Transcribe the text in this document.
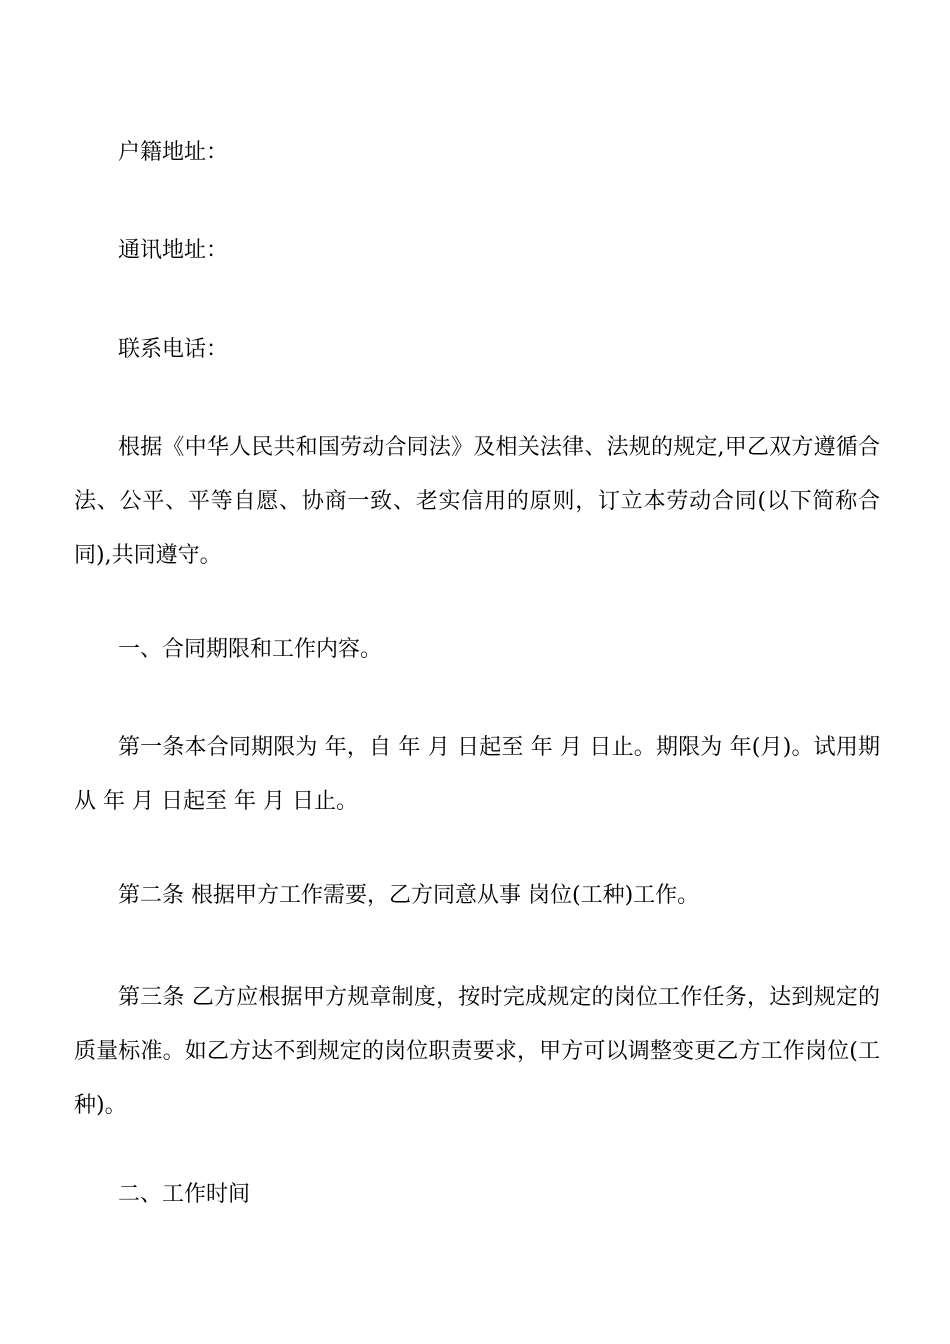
户籍地址：

通讯地址：

联系电话：

根据《中华人民共和国劳动合同法》及相关法律、法规的规定,甲乙双方遵循合法、公平、平等自愿、协商一致、老实信用的原则，订立本劳动合同(以下简称合同),共同遵守。

一、合同期限和工作内容。

第一条本合同期限为 年，自 年 月 日起至 年 月 日止。期限为 年(月)。试用期从 年 月 日起至 年 月 日止。

第二条 根据甲方工作需要，乙方同意从事 岗位(工种)工作。

第三条 乙方应根据甲方规章制度，按时完成规定的岗位工作任务，达到规定的质量标准。如乙方达不到规定的岗位职责要求，甲方可以调整变更乙方工作岗位(工种)。

二、工作时间
